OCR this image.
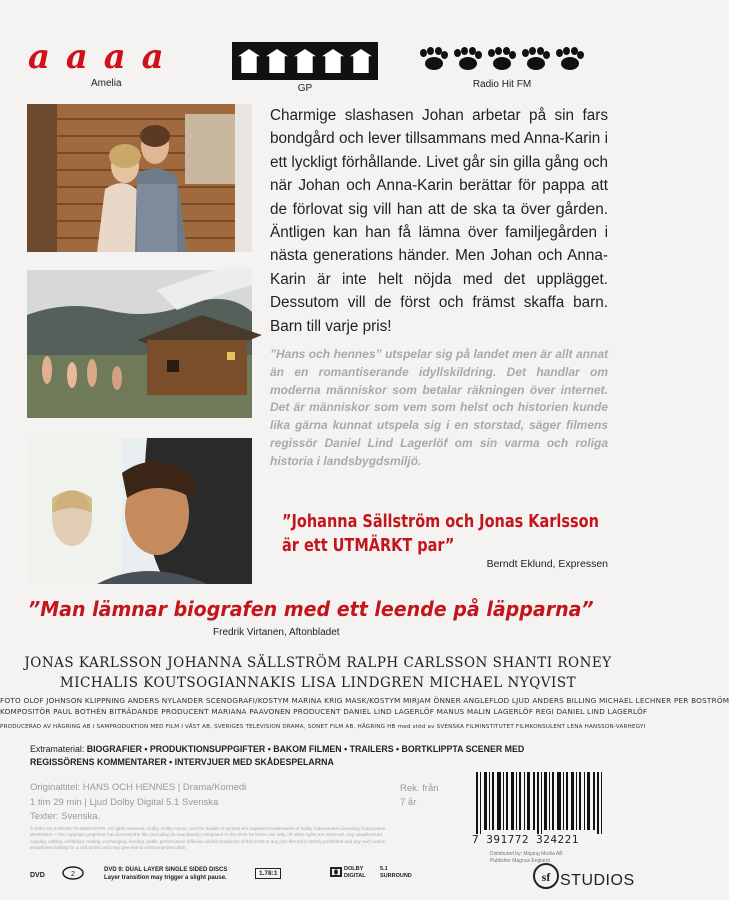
a a a a
Amelia	GP	Radio Hit FM
Charmige slashasen Johan arbetar på sin fars bondgård och lever tillsammans med Anna-Karin i ett lyckligt förhållande. Livet går sin gilla gång och när Johan och Anna-Karin berättar för pappa att de förlovat sig vill han att de ska ta över gården. Äntligen kan han få lämna över familjegården i nästa generations händer. Men Johan och Anna-Karin är inte helt nöjda med det upplägget. Dessutom vill de först och främst skaffa barn. Barn till varje pris!
”Hans och hennes” utspelar sig på landet men är allt annat än en romantiserande idyllskildring. Det handlar om moderna människor som betalar räkningen över internet. Det är människor som vem som helst och historien kunde lika gärna kunnat utspela sig i en storstad, säger filmens regissör Daniel Lind Lagerlöf om sin varma och roliga historia i landsbygdsmiljö.
”Johanna Sällström och Jonas Karlsson är ett UTMÄRKT par”
Berndt Eklund, Expressen
”Man lämnar biografen med ett leende på läpparna”
Fredrik Virtanen, Aftonbladet
JONAS KARLSSON JOHANNA SÄLLSTRÖM RALPH CARLSSON SHANTI RONEY
MICHALIS KOUTSOGIANNAKIS LISA LINDGREN MICHAEL NYQVIST
FOTO OLOF JOHNSON KLIPPNING ANDERS NYLANDER SCENOGRAFI/KOSTYM MARINA KRIG MASK/KOSTYM MIRJAM ÖNNER ANGLEFLOD LJUD ANDERS BILLING MICHAEL LECHNER PER BOSTRÖM
KOMPOSITÖR PAUL BOTHÉN BITRÄDANDE PRODUCENT MARIANA PAAVONEN PRODUCENT DANIEL LIND LAGERLÖF MANUS MALIN LAGERLÖF REGI DANIEL LIND LAGERLÖF
PRODUCERAD AV HÄGRING AB I SAMPRODUKTION MED FILM I VÄST AB, SVERIGES TELEVISION DRAMA, SONET FILM AB, HÄGRING HB med stöd av SVENSKA FILMINSTITUTET FILMKONSULENT LENA HANSSON-VARHEGYI
Extramaterial: BIOGRAFIER • PRODUKTIONSUPPGIFTER • BAKOM FILMEN • TRAILERS • BORTKLIPPTA SCENER MED REGISSÖRENS KOMMENTARER • INTERVJUER MED SKÅDESPELARNA
Originaltitel: HANS OCH HENNES | Drama/Komedi
1 tim 29 min | Ljud Dolby Digital 5.1 Svenska
Texter: Svenska.
Rek. från
7 år
© 2001 AB SVENSK FILMINDUSTRI. All rights reserved. Dolby, Dolby Atmos, and the double-D symbol are registered trademarks of Dolby Laboratories Licensing Corporation. WARNING – The copyright proprietor has licensed the film (including its soundtrack) comprised in this DVD for home use only. All other rights are reserved. Any unauthorized copying, editing, exhibition, renting, exchanging, lending, public performance diffusion and/or broadcast of this DVD or any part thereof is strictly prohibited and any such action establishes liability for a civil action and may give rise to criminal prosecution.
7 391772 324221
Distributed by: Mojang Media AB
Publisher Magnus England
DVD	2
DVD 9: DUAL LAYER SINGLE SIDED DISCS
Layer transition may trigger a slight pause.
1.78:1
DOLBY DIGITAL
5.1 SURROUND	sf STUDIOS
